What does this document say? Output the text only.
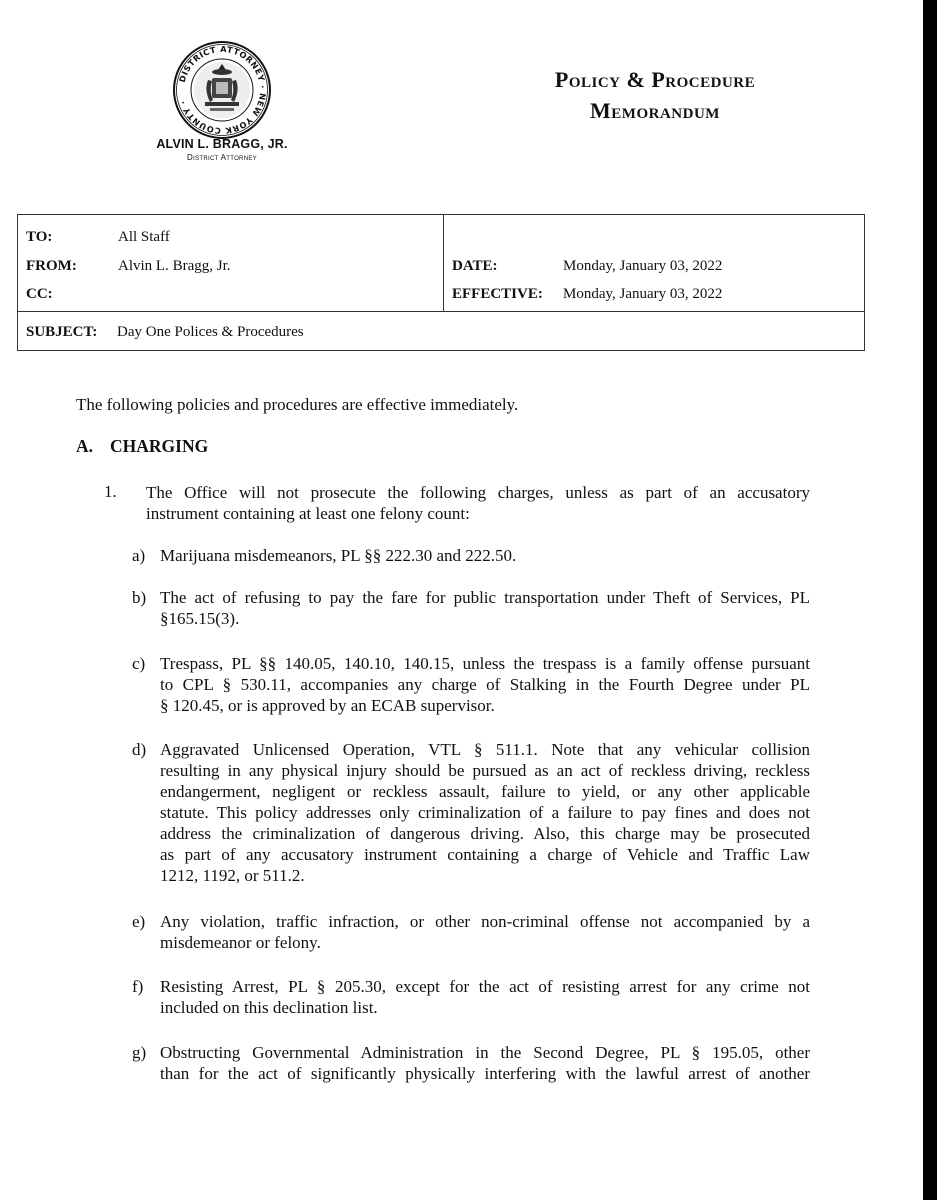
DISTRICT ATTORNEY · NEW YORK COUNTY ·
ALVIN L. BRAGG, JR.
District Attorney
Policy & Procedure
Memorandum
TO:	All Staff
FROM:	Alvin L. Bragg, Jr.
CC:
DATE:	Monday, January 03, 2022
EFFECTIVE: Monday, January 03, 2022
SUBJECT: Day One Polices & Procedures
The following policies and procedures are effective immediately.
A. CHARGING
1. The Office will not prosecute the following charges, unless as part of an accusatory
instrument containing at least one felony count:
a) Marijuana misdemeanors, PL §§ 222.30 and 222.50.
b) The act of refusing to pay the fare for public transportation under Theft of Services, PL
§165.15(3).
c) Trespass, PL §§ 140.05, 140.10, 140.15, unless the trespass is a family offense pursuant
to CPL § 530.11, accompanies any charge of Stalking in the Fourth Degree under PL
§ 120.45, or is approved by an ECAB supervisor.
d) Aggravated Unlicensed Operation, VTL § 511.1. Note that any vehicular collision
resulting in any physical injury should be pursued as an act of reckless driving, reckless
endangerment, negligent or reckless assault, failure to yield, or any other applicable
statute. This policy addresses only criminalization of a failure to pay fines and does not
address the criminalization of dangerous driving. Also, this charge may be prosecuted
as part of any accusatory instrument containing a charge of Vehicle and Traffic Law
1212, 1192, or 511.2.
e) Any violation, traffic infraction, or other non-criminal offense not accompanied by a
misdemeanor or felony.
f) Resisting Arrest, PL § 205.30, except for the act of resisting arrest for any crime not
included on this declination list.
g) Obstructing Governmental Administration in the Second Degree, PL § 195.05, other
than for the act of significantly physically interfering with the lawful arrest of another
